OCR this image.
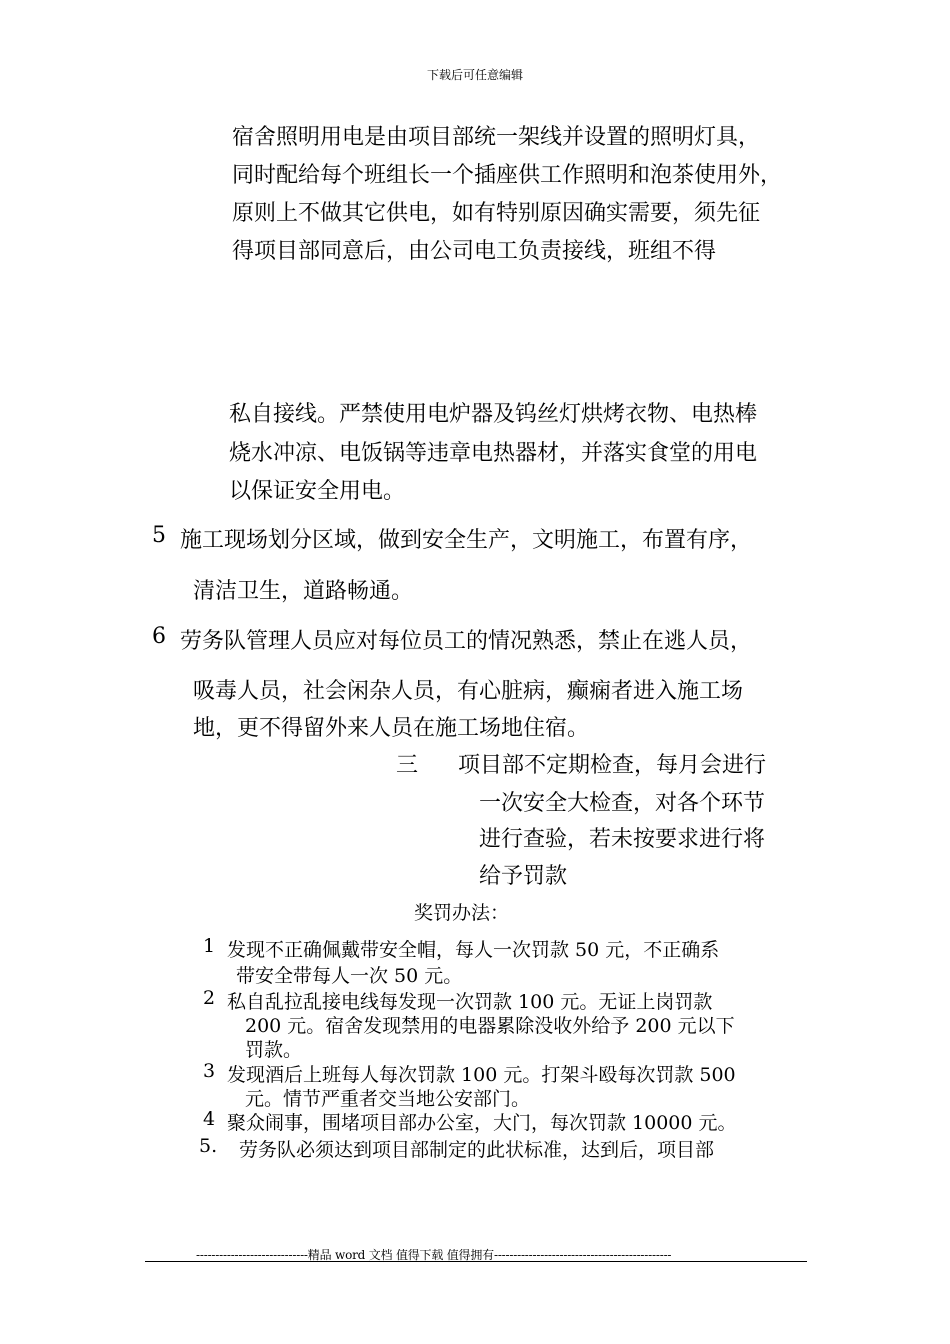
下载后可任意编辑
宿舍照明用电是由项目部统一架线并设置的照明灯具，
同时配给每个班组长一个插座供工作照明和泡茶使用外，
原则上不做其它供电，如有特别原因确实需要，须先征
得项目部同意后，由公司电工负责接线，班组不得
私自接线。严禁使用电炉器及钨丝灯烘烤衣物、电热棒
烧水冲凉、电饭锅等违章电热器材，并落实食堂的用电
以保证安全用电。
5 施工现场划分区域，做到安全生产，文明施工，布置有序，
清洁卫生，道路畅通。
6 劳务队管理人员应对每位员工的情况熟悉，禁止在逃人员，
吸毒人员，社会闲杂人员，有心脏病，癫痫者进入施工场
地，更不得留外来人员在施工场地住宿。
三 项目部不定期检查，每月会进行
一次安全大检查，对各个环节
进行查验，若未按要求进行将
给予罚款
奖罚办法：
1 发现不正确佩戴带安全帽，每人一次罚款 50 元，不正确系
带安全带每人一次 50 元。
2 私自乱拉乱接电线每发现一次罚款 100 元。无证上岗罚款
200 元。宿舍发现禁用的电器累除没收外给予 200 元以下
罚款。
3 发现酒后上班每人每次罚款 100 元。打架斗殴每次罚款 500
元。情节严重者交当地公安部门。
4 聚众闹事，围堵项目部办公室，大门，每次罚款 10000 元。
5. 劳务队必须达到项目部制定的此状标准，达到后，项目部
-----------------------------精品 word 文档 值得下载 值得拥有----------------------------------------------
